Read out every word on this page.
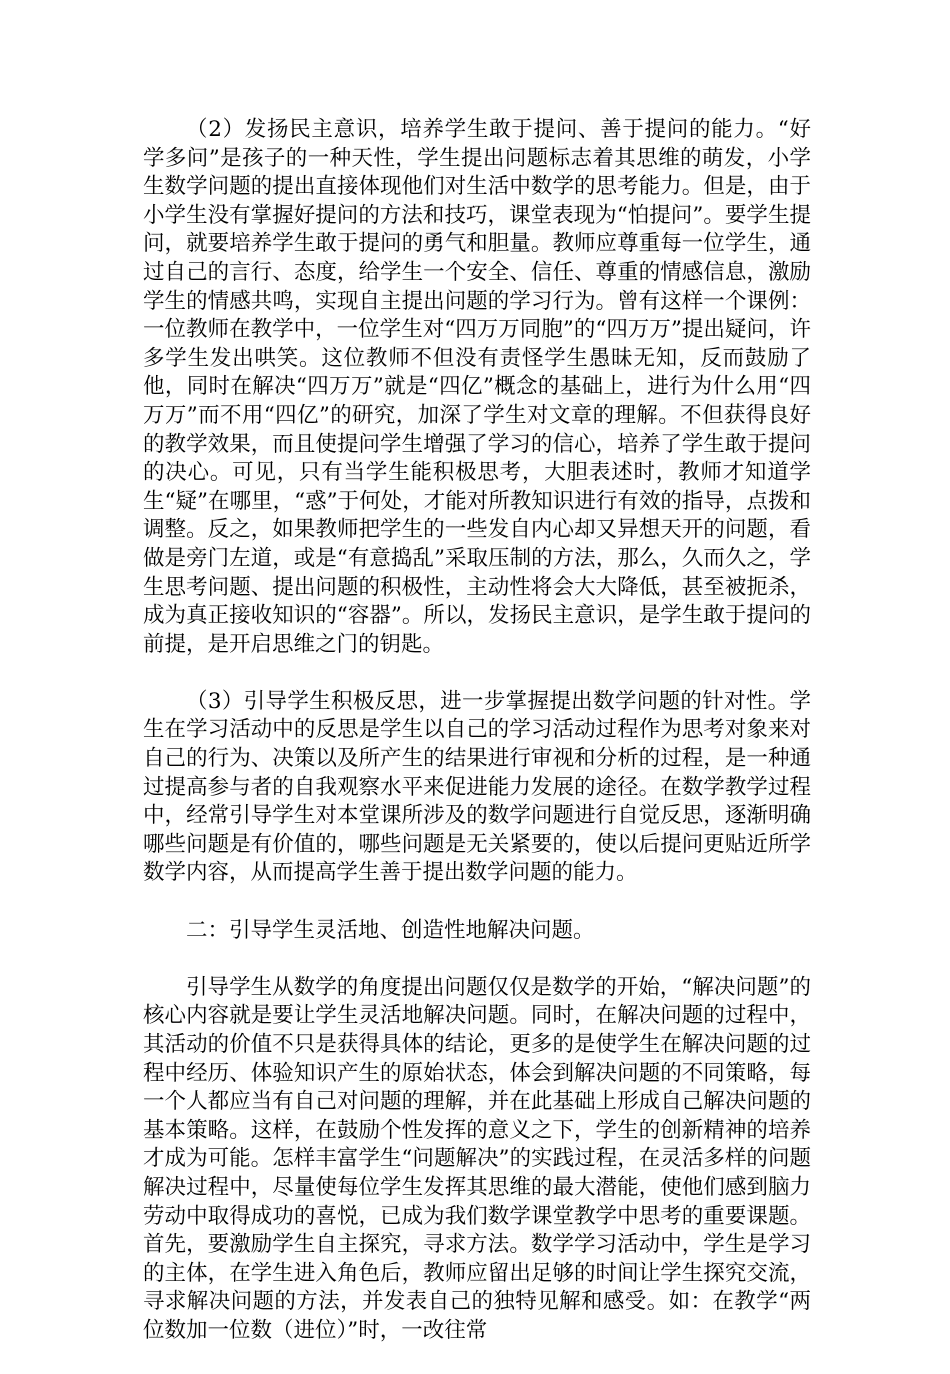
（2）发扬民主意识，培养学生敢于提问、善于提问的能力。“好学多问”是孩子的一种天性，学生提出问题标志着其思维的萌发，小学生数学问题的提出直接体现他们对生活中数学的思考能力。但是，由于小学生没有掌握好提问的方法和技巧，课堂表现为“怕提问”。要学生提问，就要培养学生敢于提问的勇气和胆量。教师应尊重每一位学生，通过自己的言行、态度，给学生一个安全、信任、尊重的情感信息，激励学生的情感共鸣，实现自主提出问题的学习行为。曾有这样一个课例：一位教师在教学中，一位学生对“四万万同胞”的“四万万”提出疑问，许多学生发出哄笑。这位教师不但没有责怪学生愚昧无知，反而鼓励了他，同时在解决“四万万”就是“四亿”概念的基础上，进行为什么用“四万万”而不用“四亿”的研究，加深了学生对文章的理解。不但获得良好的教学效果，而且使提问学生增强了学习的信心，培养了学生敢于提问的决心。可见，只有当学生能积极思考，大胆表述时，教师才知道学生“疑”在哪里，“惑”于何处，才能对所教知识进行有效的指导，点拨和调整。反之，如果教师把学生的一些发自内心却又异想天开的问题，看做是旁门左道，或是“有意捣乱”采取压制的方法，那么，久而久之，学生思考问题、提出问题的积极性，主动性将会大大降低，甚至被扼杀，成为真正接收知识的“容器”。所以，发扬民主意识，是学生敢于提问的前提，是开启思维之门的钥匙。

（3）引导学生积极反思，进一步掌握提出数学问题的针对性。学生在学习活动中的反思是学生以自己的学习活动过程作为思考对象来对自己的行为、决策以及所产生的结果进行审视和分析的过程，是一种通过提高参与者的自我观察水平来促进能力发展的途径。在数学教学过程中，经常引导学生对本堂课所涉及的数学问题进行自觉反思，逐渐明确哪些问题是有价值的，哪些问题是无关紧要的，使以后提问更贴近所学数学内容，从而提高学生善于提出数学问题的能力。

二：引导学生灵活地、创造性地解决问题。

引导学生从数学的角度提出问题仅仅是数学的开始，“解决问题”的核心内容就是要让学生灵活地解决问题。同时，在解决问题的过程中，其活动的价值不只是获得具体的结论，更多的是使学生在解决问题的过程中经历、体验知识产生的原始状态，体会到解决问题的不同策略，每一个人都应当有自己对问题的理解，并在此基础上形成自己解决问题的基本策略。这样，在鼓励个性发挥的意义之下，学生的创新精神的培养才成为可能。怎样丰富学生“问题解决”的实践过程，在灵活多样的问题解决过程中，尽量使每位学生发挥其思维的最大潜能，使他们感到脑力劳动中取得成功的喜悦，已成为我们数学课堂教学中思考的重要课题。首先，要激励学生自主探究，寻求方法。数学学习活动中，学生是学习的主体，在学生进入角色后，教师应留出足够的时间让学生探究交流，寻求解决问题的方法，并发表自己的独特见解和感受。如：在教学“两位数加一位数（进位）”时，一改往常
